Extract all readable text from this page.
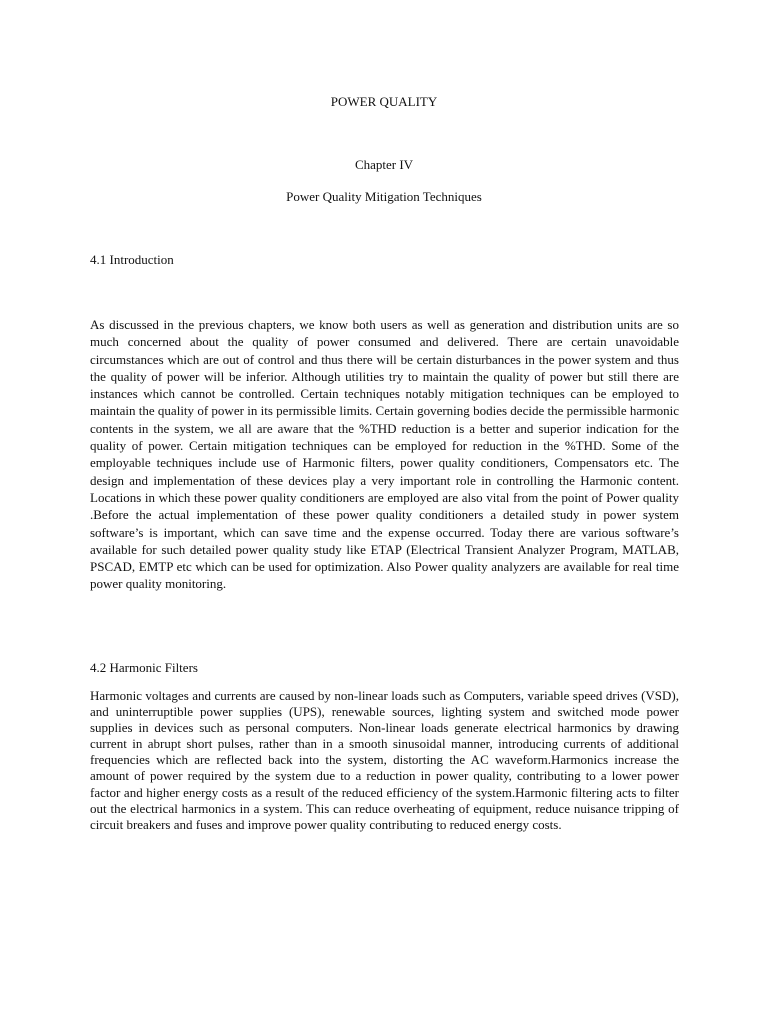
POWER QUALITY
Chapter IV
Power Quality Mitigation Techniques
4.1 Introduction

As discussed in the previous chapters, we know both users as well as generation and distribution units are so much concerned about the quality of power consumed and delivered. There are certain unavoidable circumstances which are out of control and thus there will be certain disturbances in the power system and thus the quality of power will be inferior. Although utilities try to maintain the quality of power but still there are instances which cannot be controlled. Certain techniques notably mitigation techniques can be employed to maintain the quality of power in its permissible limits. Certain governing bodies decide the permissible harmonic contents in the system, we all are aware that the %THD reduction is a better and superior indication for the quality of power. Certain mitigation techniques can be employed for reduction in the %THD. Some of the employable techniques include use of Harmonic filters, power quality conditioners, Compensators etc. The design and implementation of these devices play a very important role in controlling the Harmonic content. Locations in which these power quality conditioners are employed are also vital from the point of Power quality .Before the actual implementation of these power quality conditioners a detailed study in power system software’s is important, which can save time and the expense occurred. Today there are various software’s available for such detailed power quality study like ETAP (Electrical Transient Analyzer Program, MATLAB, PSCAD, EMTP etc which can be used for optimization. Also Power quality analyzers are available for real time power quality monitoring.

4.2 Harmonic Filters

Harmonic voltages and currents are caused by non-linear loads such as Computers, variable speed drives (VSD), and uninterruptible power supplies (UPS), renewable sources, lighting system and switched mode power supplies in devices such as personal computers. Non-linear loads generate electrical harmonics by drawing current in abrupt short pulses, rather than in a smooth sinusoidal manner, introducing currents of additional frequencies which are reflected back into the system, distorting the AC waveform.Harmonics increase the amount of power required by the system due to a reduction in power quality, contributing to a lower power factor and higher energy costs as a result of the reduced efficiency of the system.Harmonic filtering acts to filter out the electrical harmonics in a system. This can reduce overheating of equipment, reduce nuisance tripping of circuit breakers and fuses and improve power quality contributing to reduced energy costs.
